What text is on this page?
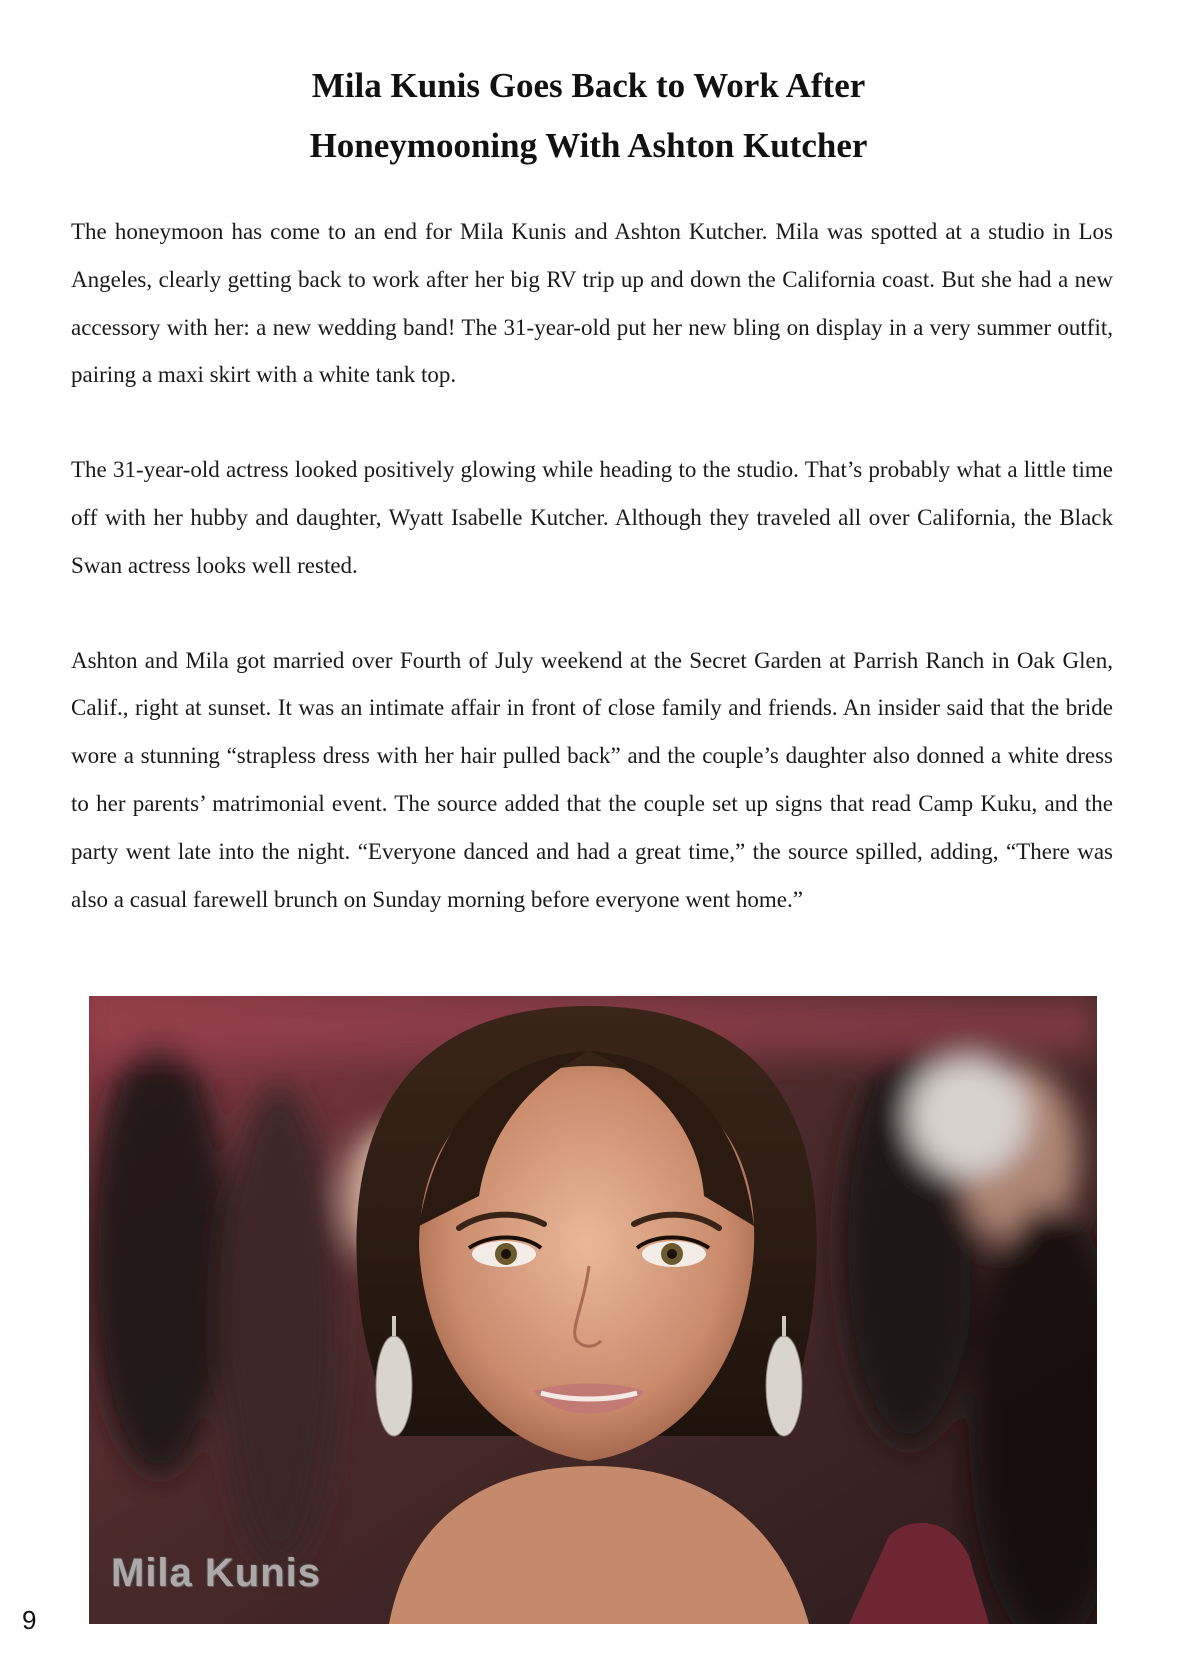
Mila Kunis Goes Back to Work After
Honeymooning With Ashton Kutcher

The honeymoon has come to an end for Mila Kunis and Ashton Kutcher. Mila was spotted at a studio in Los Angeles, clearly getting back to work after her big RV trip up and down the California coast. But she had a new accessory with her: a new wedding band! The 31-year-old put her new bling on display in a very summer outfit, pairing a maxi skirt with a white tank top.

The 31-year-old actress looked positively glowing while heading to the studio. That’s probably what a little time off with her hubby and daughter, Wyatt Isabelle Kutcher. Although they traveled all over California, the Black Swan actress looks well rested.

Ashton and Mila got married over Fourth of July weekend at the Secret Garden at Parrish Ranch in Oak Glen, Calif., right at sunset. It was an intimate affair in front of close family and friends. An insider said that the bride wore a stunning “strapless dress with her hair pulled back” and the couple’s daughter also donned a white dress to her parents’ matrimonial event. The source added that the couple set up signs that read Camp Kuku, and the party went late into the night. “Everyone danced and had a great time,” the source spilled, adding, “There was also a casual farewell brunch on Sunday morning before everyone went home.”

Mila Kunis
9
